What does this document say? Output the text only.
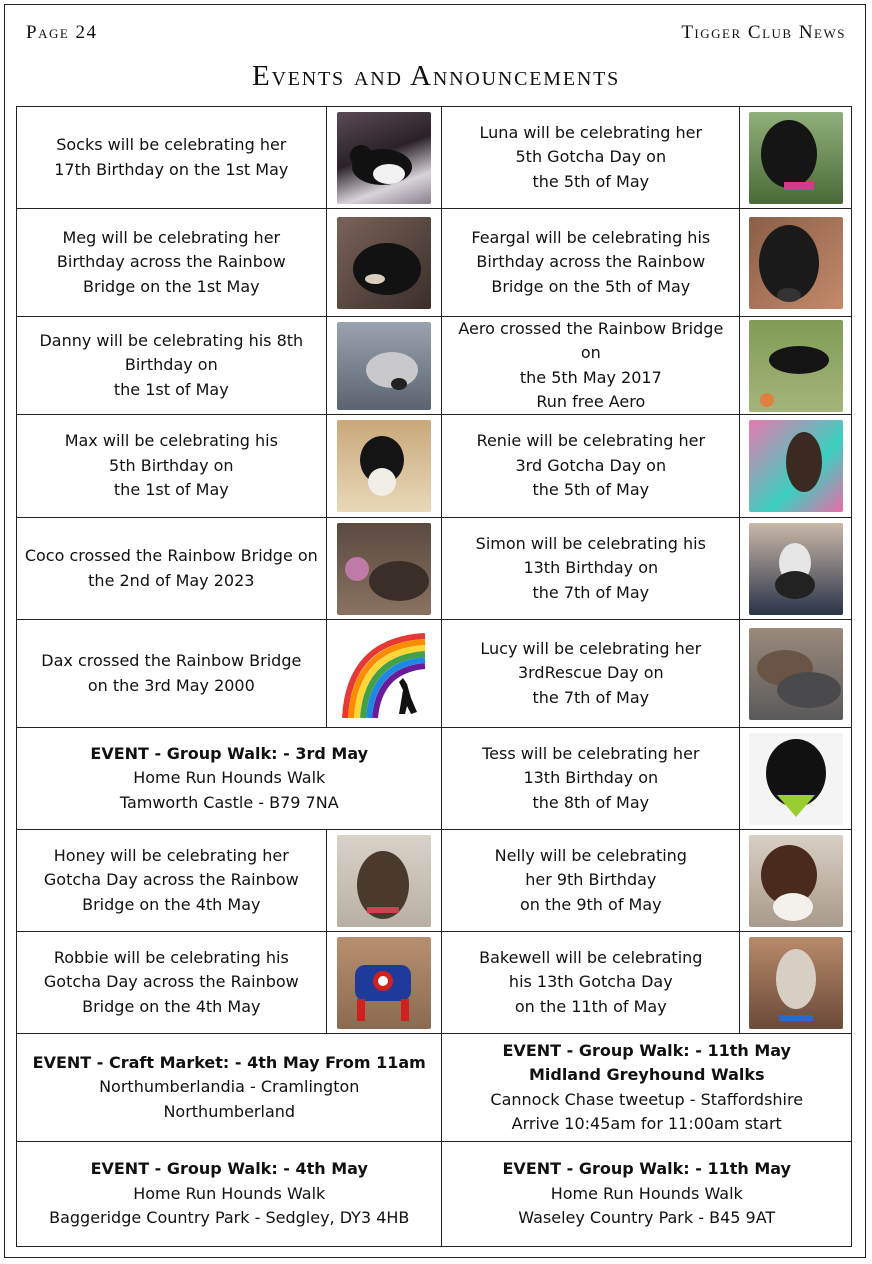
Page 24	Tigger Club News
Events and Announcements
Socks will be celebrating her
17th Birthday on the 1st May

Luna will be celebrating her
5th Gotcha Day on
the 5th of May

Meg will be celebrating her
Birthday across the Rainbow
Bridge on the 1st May

Feargal will be celebrating his
Birthday across the Rainbow
Bridge on the 5th of May

Danny will be celebrating his 8th
Birthday on
the 1st of May

Aero crossed the Rainbow Bridge on
the 5th May 2017
Run free Aero

Max will be celebrating his
5th Birthday on
the 1st of May

Renie will be celebrating her
3rd Gotcha Day on
the 5th of May

Coco crossed the Rainbow Bridge on
the 2nd of May 2023

Simon will be celebrating his
13th Birthday on
the 7th of May

Dax crossed the Rainbow Bridge
on the 3rd May 2000

Lucy will be celebrating her
3rdRescue Day on
the 7th of May

EVENT - Group Walk: - 3rd May
Home Run Hounds Walk
Tamworth Castle - B79 7NA
Tess will be celebrating her
13th Birthday on
the 8th of May

Honey will be celebrating her
Gotcha Day across the Rainbow
Bridge on the 4th May

Nelly will be celebrating
her 9th Birthday
on the 9th of May

Robbie will be celebrating his
Gotcha Day across the Rainbow
Bridge on the 4th May

Bakewell will be celebrating
his 13th Gotcha Day
on the 11th of May

EVENT - Craft Market: - 4th May From 11am
Northumberlandia - Cramlington
Northumberland
EVENT - Group Walk: - 11th May
Midland Greyhound Walks
Cannock Chase tweetup - Staffordshire
Arrive 10:45am for 11:00am start
EVENT - Group Walk: - 4th May
Home Run Hounds Walk
Baggeridge Country Park - Sedgley, DY3 4HB
EVENT - Group Walk: - 11th May
Home Run Hounds Walk
Waseley Country Park - B45 9AT
